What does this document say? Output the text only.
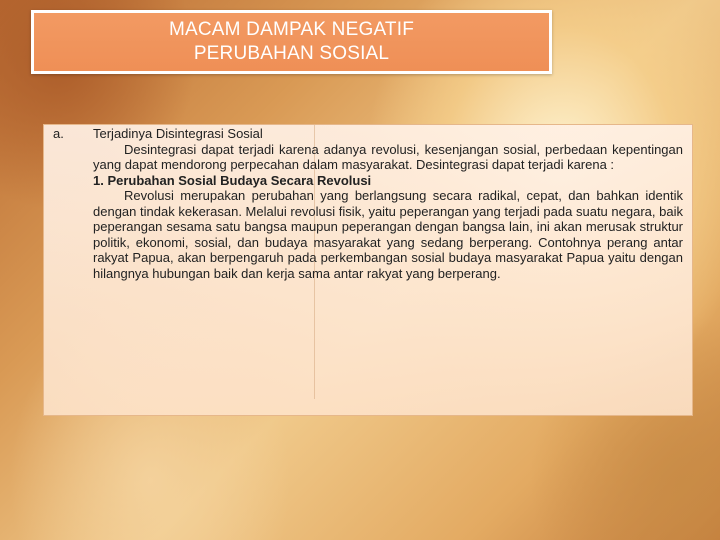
MACAM DAMPAK NEGATIF
PERUBAHAN SOSIAL
a. Terjadinya Disintegrasi Sosial

Desintegrasi dapat terjadi karena adanya revolusi, kesenjangan sosial, perbedaan kepentingan yang dapat mendorong perpecahan dalam masyarakat. Desintegrasi dapat terjadi karena :

1. Perubahan Sosial Budaya Secara Revolusi

Revolusi merupakan perubahan yang berlangsung secara radikal, cepat, dan bahkan identik dengan tindak kekerasan. Melalui revolusi fisik, yaitu peperangan yang terjadi pada suatu negara, baik peperangan sesama satu bangsa maupun peperangan dengan bangsa lain, ini akan merusak struktur politik, ekonomi, sosial, dan budaya masyarakat yang sedang berperang. Contohnya perang antar rakyat Papua, akan berpengaruh pada perkembangan sosial budaya masyarakat Papua yaitu dengan hilangnya hubungan baik dan kerja sama antar rakyat yang berperang.
